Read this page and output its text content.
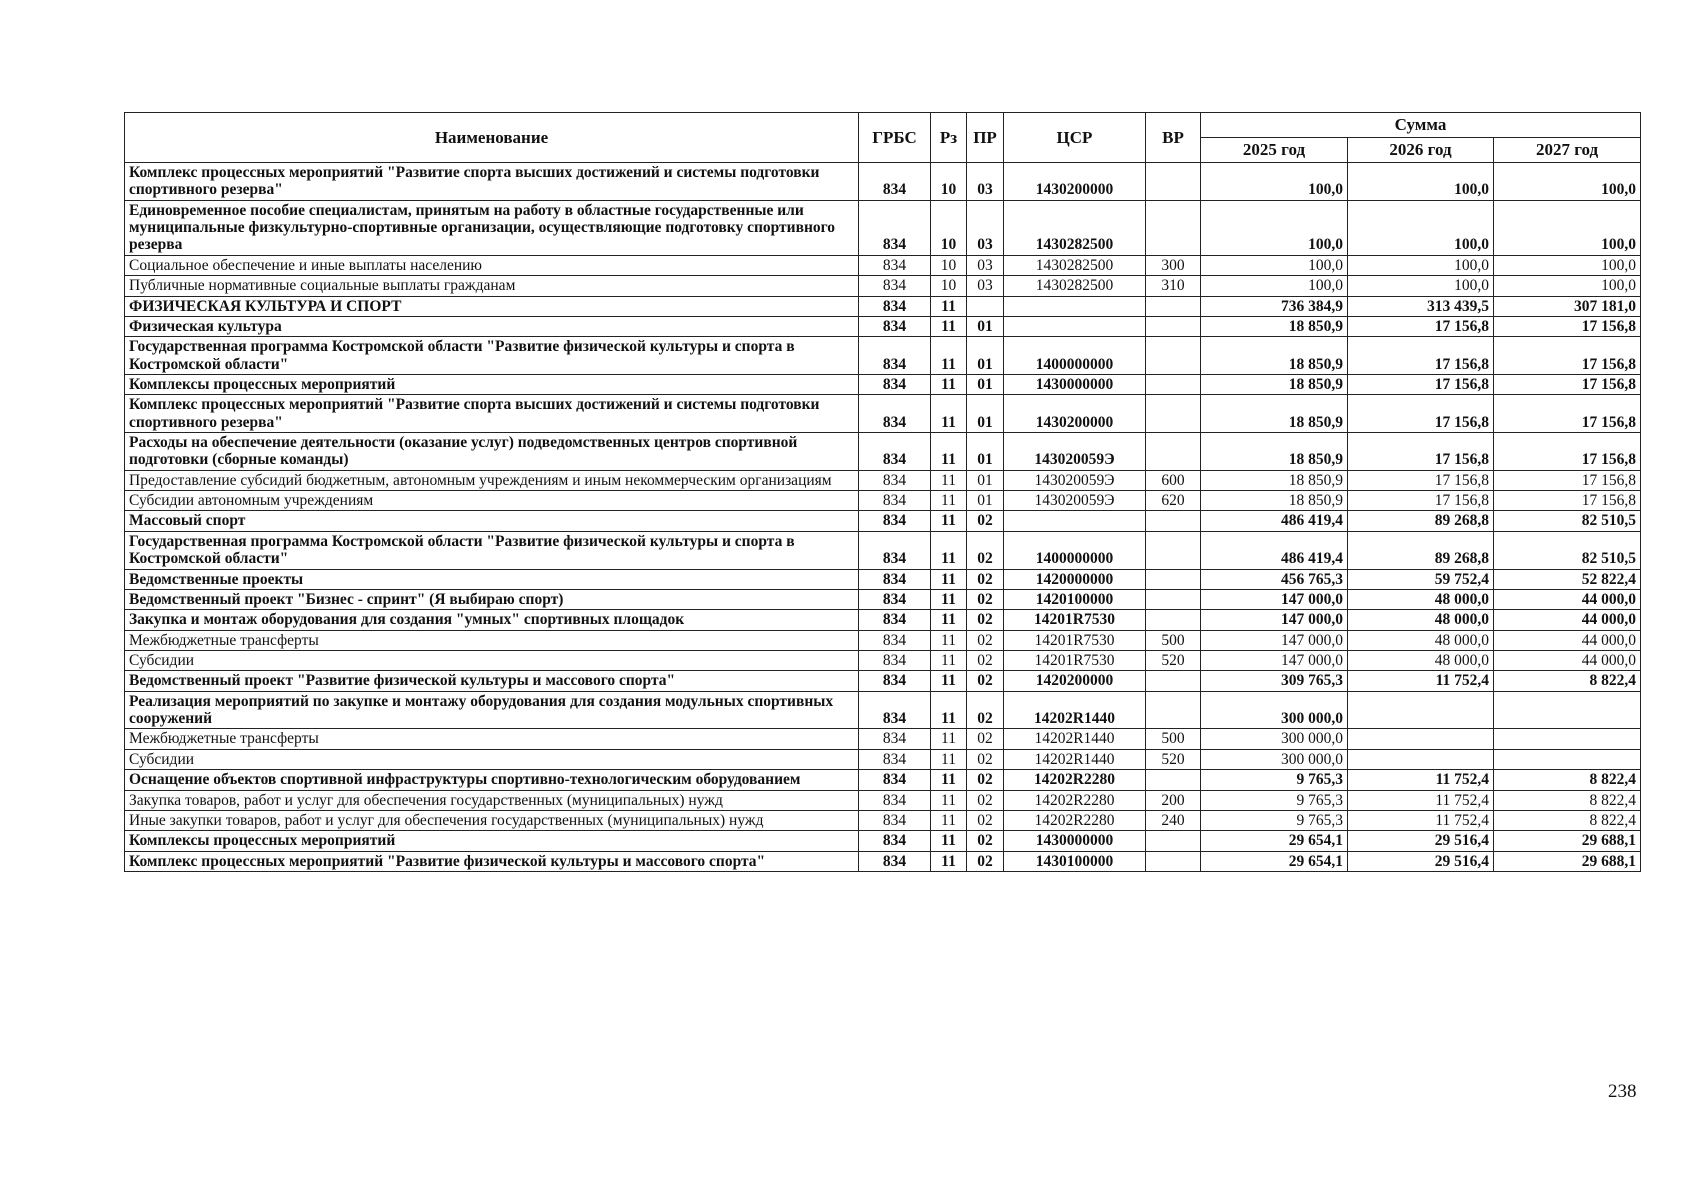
Наименование	ГРБС	Рз	ПР	ЦСР	ВР	Сумма		
						2025 год	2026 год	2027 год
Комплекс процессных мероприятий "Развитие спорта высших достижений и системы подготовки спортивного резерва"	834	10	03	1430200000		100,0	100,0	100,0
Единовременное пособие специалистам, принятым на работу в областные государственные или муниципальные физкультурно-спортивные организации, осуществляющие подготовку спортивного резерва	834	10	03	1430282500		100,0	100,0	100,0
Социальное обеспечение и иные выплаты населению	834	10	03	1430282500	300	100,0	100,0	100,0
Публичные нормативные социальные выплаты гражданам	834	10	03	1430282500	310	100,0	100,0	100,0
ФИЗИЧЕСКАЯ КУЛЬТУРА И СПОРТ	834	11				736 384,9	313 439,5	307 181,0
Физическая культура	834	11	01			18 850,9	17 156,8	17 156,8
Государственная программа Костромской области "Развитие физической культуры и спорта в Костромской области"	834	11	01	1400000000		18 850,9	17 156,8	17 156,8
Комплексы процессных мероприятий	834	11	01	1430000000		18 850,9	17 156,8	17 156,8
Комплекс процессных мероприятий "Развитие спорта высших достижений и системы подготовки спортивного резерва"	834	11	01	1430200000		18 850,9	17 156,8	17 156,8
Расходы на обеспечение деятельности (оказание услуг) подведомственных центров спортивной подготовки (сборные команды)	834	11	01	143020059Э		18 850,9	17 156,8	17 156,8
Предоставление субсидий бюджетным, автономным учреждениям и иным некоммерческим организациям	834	11	01	143020059Э	600	18 850,9	17 156,8	17 156,8
Субсидии автономным учреждениям	834	11	01	143020059Э	620	18 850,9	17 156,8	17 156,8
Массовый спорт	834	11	02			486 419,4	89 268,8	82 510,5
Государственная программа Костромской области "Развитие физической культуры и спорта в Костромской области"	834	11	02	1400000000		486 419,4	89 268,8	82 510,5
Ведомственные проекты	834	11	02	1420000000		456 765,3	59 752,4	52 822,4
Ведомственный проект "Бизнес - спринт" (Я выбираю спорт)	834	11	02	1420100000		147 000,0	48 000,0	44 000,0
Закупка и монтаж оборудования для создания "умных" спортивных площадок	834	11	02	14201R7530		147 000,0	48 000,0	44 000,0
Межбюджетные трансферты	834	11	02	14201R7530	500	147 000,0	48 000,0	44 000,0
Субсидии	834	11	02	14201R7530	520	147 000,0	48 000,0	44 000,0
Ведомственный проект "Развитие физической культуры и массового спорта"	834	11	02	1420200000		309 765,3	11 752,4	8 822,4
Реализация мероприятий по закупке и монтажу оборудования для создания модульных спортивных сооружений	834	11	02	14202R1440		300 000,0		
Межбюджетные трансферты	834	11	02	14202R1440	500	300 000,0		
Субсидии	834	11	02	14202R1440	520	300 000,0		
Оснащение объектов спортивной инфраструктуры спортивно-технологическим оборудованием	834	11	02	14202R2280		9 765,3	11 752,4	8 822,4
Закупка товаров, работ и услуг для обеспечения государственных (муниципальных) нужд	834	11	02	14202R2280	200	9 765,3	11 752,4	8 822,4
Иные закупки товаров, работ и услуг для обеспечения государственных (муниципальных) нужд	834	11	02	14202R2280	240	9 765,3	11 752,4	8 822,4
Комплексы процессных мероприятий	834	11	02	1430000000		29 654,1	29 516,4	29 688,1
Комплекс процессных мероприятий "Развитие физической культуры и массового спорта"	834	11	02	1430100000		29 654,1	29 516,4	29 688,1
238
